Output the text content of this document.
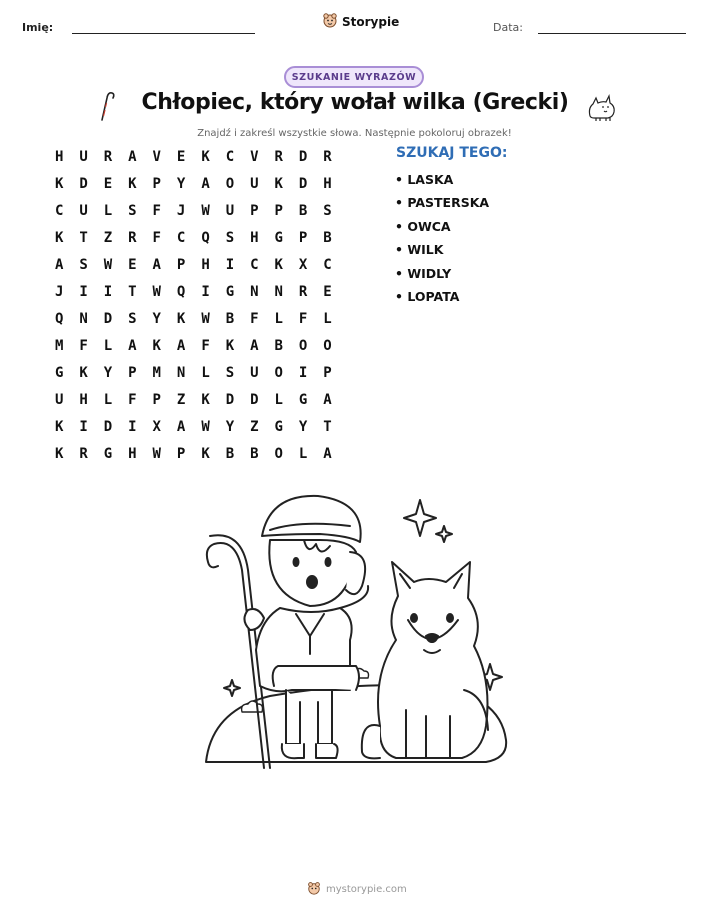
Imię:	Storypie	Data:
SZUKANIE WYRAZÓW
Chłopiec, który wołał wilka (Grecki)
Znajdź i zakreśl wszystkie słowa. Następnie pokoloruj obrazek!
H	U	R	A	V	E	K	C	V	R	D	R
K	D	E	K	P	Y	A	O	U	K	D	H
C	U	L	S	F	J	W	U	P	P	B	S
K	T	Z	R	F	C	Q	S	H	G	P	B
A	S	W	E	A	P	H	I	C	K	X	C
J	I	I	T	W	Q	I	G	N	N	R	E
Q	N	D	S	Y	K	W	B	F	L	F	L
M	F	L	A	K	A	F	K	A	B	O	O
G	K	Y	P	M	N	L	S	U	O	I	P
U	H	L	F	P	Z	K	D	D	L	G	A
K	I	D	I	X	A	W	Y	Z	G	Y	T
K	R	G	H	W	P	K	B	B	O	L	A
SZUKAJ TEGO:
• LASKA
• PASTERSKA
• OWCA
• WILK
• WIDLY
• LOPATA
mystorypie.com
